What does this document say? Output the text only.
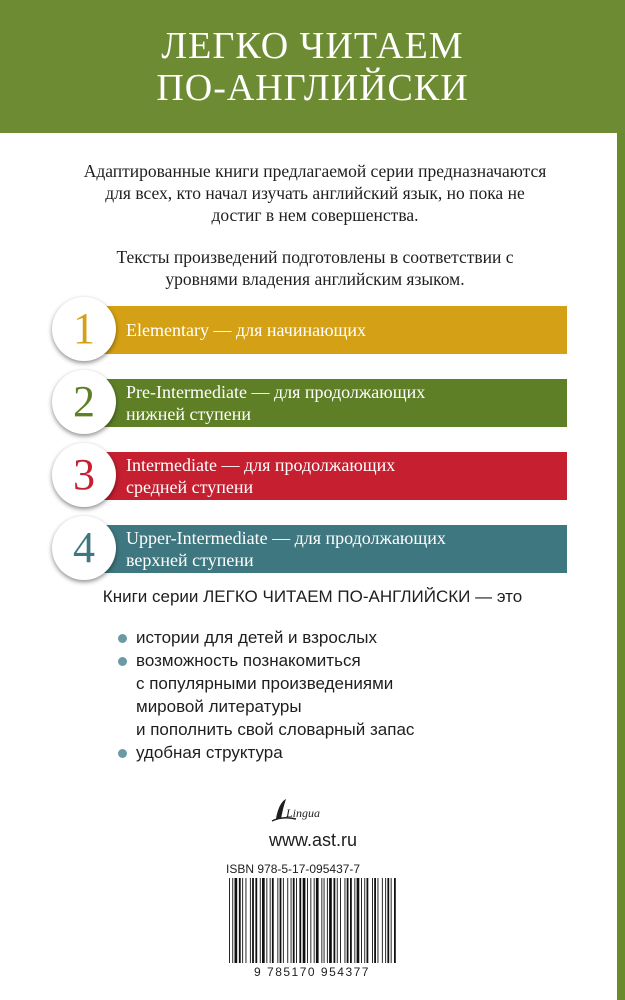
ЛЕГКО ЧИТАЕМ
ПО-АНГЛИЙСКИ
Адаптированные книги предлагаемой серии предназначаются для всех, кто начал изучать английский язык, но пока не достиг в нем совершенства.
Тексты произведений подготовлены в соответствии с уровнями владения английским языком.
Elementary — для начинающих
1
Pre-Intermediate — для продолжающих
нижней ступени
2
Intermediate — для продолжающих
средней ступени
3
Upper-Intermediate — для продолжающих
верхней ступени
4
Книги серии ЛЕГКО ЧИТАЕМ ПО-АНГЛИЙСКИ — это
истории для детей и взрослых
возможность познакомиться
с популярными произведениями
мировой литературы
и пополнить свой словарный запас
удобная структура
Lingua
www.ast.ru
ISBN 978-5-17-095437-7
9 785170 954377
